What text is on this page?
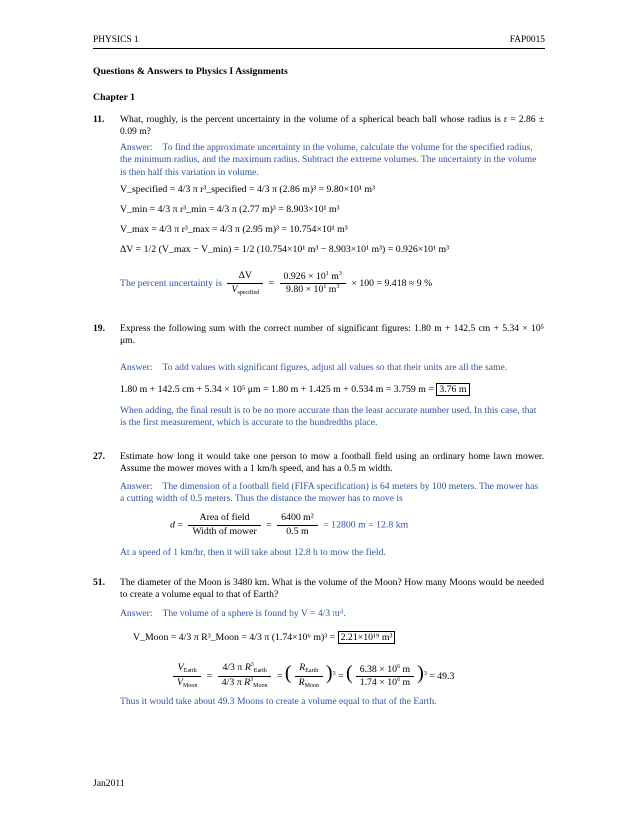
PHYSICS 1	FAP0015
Questions & Answers to Physics I Assignments
Chapter 1
11. What, roughly, is the percent uncertainty in the volume of a spherical beach ball whose radius is r = 2.86 ± 0.09 m?
Answer: To find the approximate uncertainty in the volume, calculate the volume for the specified radius, the minimum radius, and the maximum radius. Subtract the extreme volumes. The uncertainty in the volume is then half this variation in volume.
V_specified = 4/3 π r³_specified = 4/3 π (2.86 m)³ = 9.80×10¹ m³
V_min = 4/3 π r³_min = 4/3 π (2.77 m)³ = 8.903×10¹ m³
V_max = 4/3 π r³_max = 4/3 π (2.95 m)³ = 10.754×10¹ m³
ΔV = 1/2 (V_max − V_min) = 1/2 (10.754×10¹ m³ − 8.903×10¹ m³) = 0.926×10¹ m³
The percent uncertainty is $\frac{\Delta V}{V_{specified}} = \frac{0.926 \times 10^1 m^3}{9.80 \times 10^1 m^3} \times 100 = 9.418 \approx 9$ %
19. Express the following sum with the correct number of significant figures: 1.80 m + 142.5 cm + 5.34 × 10⁵ μm.
Answer: To add values with significant figures, adjust all values so that their units are all the same.
1.80 m + 142.5 cm + 5.34 × 10⁵ μm = 1.80 m + 1.425 m + 0.534 m = 3.759 m = 3.76 m
When adding, the final result is to be no more accurate than the least accurate number used. In this case, that is the first measurement, which is accurate to the hundredths place.
27. Estimate how long it would take one person to mow a football field using an ordinary home lawn mower. Assume the mower moves with a 1 km/h speed, and has a 0.5 m width.
Answer: The dimension of a football field (FIFA specification) is 64 meters by 100 meters. The mower has a cutting width of 0.5 meters. Thus the distance the mower has to move is
$d = \frac{\text{Area of field}}{\text{Width of mower}} = \frac{\text{6400 m²}}{0.5 m} = 12800$ m = 12.8 km
At a speed of 1 km/hr, then it will take about 12.8 h to mow the field.
51. The diameter of the Moon is 3480 km. What is the volume of the Moon? How many Moons would be needed to create a volume equal to that of Earth?
Answer: The volume of a sphere is found by V = 4/3 πr³.
V_Moon = 4/3 π R³_Moon = 4/3 π (1.74×10⁶ m)³ = 2.21×10¹⁹ m³
$\frac{V_{Earth}}{V_{Moon}} = \frac{4/3 \pi R^3_{Earth}}{4/3 \pi R^3_{Moon}}$ = ( $\frac{R_{Earth}}{R_{Moon}} )^3$ = ( $\frac{6.38 \times 10^6 m}{1.74 \times 10^6 m} )^3 = 49.3$
Thus it would take about 49.3 Moons to create a volume equal to that of the Earth.
Jan2011
